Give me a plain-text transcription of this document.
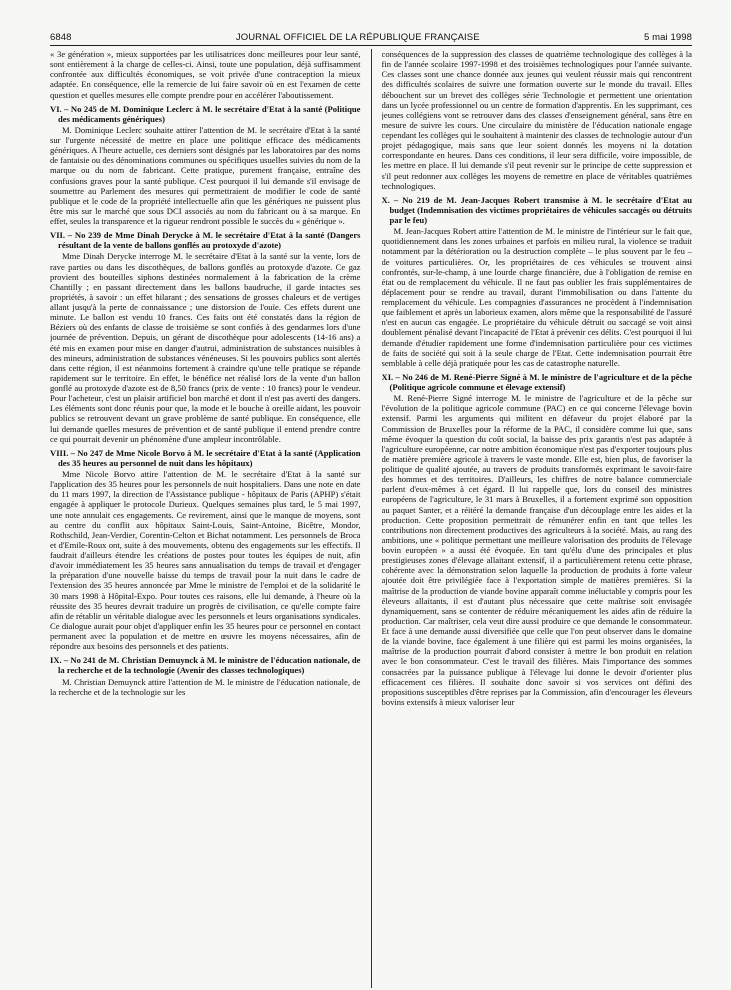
6848	JOURNAL OFFICIEL DE LA RÉPUBLIQUE FRANÇAISE	5 mai 1998

« 3e génération », mieux supportées par les utilisatrices donc meilleures pour leur santé, sont entièrement à la charge de celles-ci. Ainsi, toute une population, déjà suffisamment confrontée aux difficultés économiques, se voit privée d'une contraception la mieux adaptée. En conséquence, elle la remercie de lui faire savoir où en est l'examen de cette question et quelles mesures elle compte prendre pour en accélérer l'aboutissement.

VI. – No 245 de M. Dominique Leclerc à M. le secrétaire d'Etat à la santé (Politique des médicaments génériques)

M. Dominique Leclerc souhaite attirer l'attention de M. le secrétaire d'Etat à la santé sur l'urgente nécessité de mettre en place une politique efficace des médicaments génériques. A l'heure actuelle, ces derniers sont désignés par les laboratoires par des noms de fantaisie ou des dénominations communes ou spécifiques usuelles suivies du nom de la marque ou du nom de fabricant. Cette pratique, purement française, entraîne des confusions graves pour la santé publique. C'est pourquoi il lui demande s'il envisage de soumettre au Parlement des mesures qui permettraient de modifier le code de santé publique et le code de la propriété intellectuelle afin que les génériques ne puissent plus être mis sur le marché que sous DCI associés au nom du fabricant ou à sa marque. En effet, seules la transparence et la rigueur rendront possible le succès du « générique ».

VII. – No 239 de Mme Dinah Derycke à M. le secrétaire d'Etat à la santé (Dangers résultant de la vente de ballons gonflés au protoxyde d'azote)

Mme Dinah Derycke interroge M. le secrétaire d'Etat à la santé sur la vente, lors de rave parties ou dans les discothèques, de ballons gonflés au protoxyde d'azote. Ce gaz provient des bouteilles siphons destinées normalement à la fabrication de la crème Chantilly ; en passant directement dans les ballons baudruche, il garde intactes ses propriétés, à savoir : un effet hilarant ; des sensations de grosses chaleurs et de vertiges allant jusqu'à la perte de connaissance ; une distorsion de l'ouïe. Ces effets durent une minute. Le ballon est vendu 10 francs. Ces faits ont été constatés dans la région de Béziers où des enfants de classe de troisième se sont confiés à des gendarmes lors d'une journée de prévention. Depuis, un gérant de discothèque pour adolescents (14-16 ans) a été mis en examen pour mise en danger d'autrui, administration de substances nuisibles à des mineurs, administration de substances vénéneuses. Si les pouvoirs publics sont alertés dans cette région, il est néanmoins fortement à craindre qu'une telle pratique se répande rapidement sur le territoire. En effet, le bénéfice net réalisé lors de la vente d'un ballon gonflé au protoxyde d'azote est de 8,50 francs (prix de vente : 10 francs) pour le vendeur. Pour l'acheteur, c'est un plaisir artificiel bon marché et dont il n'est pas averti des dangers. Les éléments sont donc réunis pour que, la mode et le bouche à oreille aidant, les pouvoir publics se retrouvent devant un grave problème de santé publique. En conséquence, elle lui demande quelles mesures de prévention et de santé publique il entend prendre contre ce qui pourrait devenir un phénomène d'une ampleur incontrôlable.

VIII. – No 247 de Mme Nicole Borvo à M. le secrétaire d'Etat à la santé (Application des 35 heures au personnel de nuit dans les hôpitaux)

Mme Nicole Borvo attire l'attention de M. le secrétaire d'Etat à la santé sur l'application des 35 heures pour les personnels de nuit hospitaliers. Dans une note en date du 11 mars 1997, la direction de l'Assistance publique - hôpitaux de Paris (APHP) s'était engagée à appliquer le protocole Durieux. Quelques semaines plus tard, le 5 mai 1997, une note annulait ces engagements. Ce revirement, ainsi que le manque de moyens, sont au centre du conflit aux hôpitaux Saint-Louis, Saint-Antoine, Bicêtre, Mondor, Rothschild, Jean-Verdier, Corentin-Celton et Bichat notamment. Les personnels de Broca et d'Emile-Roux ont, suite à des mouvements, obtenu des engagements sur les effectifs. Il faudrait d'ailleurs étendre les créations de postes pour toutes les équipes de nuit, afin d'avoir immédiatement les 35 heures sans annualisation du temps de travail et d'engager la préparation d'une nouvelle baisse du temps de travail pour la nuit dans le cadre de l'extension des 35 heures annoncée par Mme le ministre de l'emploi et de la solidarité le 30 mars 1998 à Hôpital-Expo. Pour toutes ces raisons, elle lui demande, à l'heure où la réussite des 35 heures devrait traduire un progrès de civilisation, ce qu'elle compte faire afin de rétablir un véritable dialogue avec les personnels et leurs organisations syndicales. Ce dialogue aurait pour objet d'appliquer enfin les 35 heures pour ce personnel en contact permanent avec la population et de mettre en œuvre les moyens nécessaires, afin de répondre aux besoins des personnels et des patients.

IX. – No 241 de M. Christian Demuynck à M. le ministre de l'éducation nationale, de la recherche et de la technologie (Avenir des classes technologiques)

M. Christian Demuynck attire l'attention de M. le ministre de l'éducation nationale, de la recherche et de la technologie sur les

conséquences de la suppression des classes de quatrième technologique des collèges à la fin de l'année scolaire 1997-1998 et des troisièmes technologiques pour l'année suivante. Ces classes sont une chance donnée aux jeunes qui veulent réussir mais qui rencontrent des difficultés scolaires de suivre une formation ouverte sur le monde du travail. Elles débouchent sur un brevet des collèges série Technologie et permettent une orientation dans un lycée professionnel ou un centre de formation d'apprentis. En les supprimant, ces jeunes collégiens vont se retrouver dans des classes d'enseignement général, sans être en mesure de suivre les cours. Une circulaire du ministère de l'éducation nationale engage cependant les collèges qui le souhaitent à maintenir des classes de technologie autour d'un projet pédagogique, mais sans que leur soient donnés les moyens ni la dotation correspondante en heures. Dans ces conditions, il leur sera difficile, voire impossible, de les mettre en place. Il lui demande s'il peut revenir sur le principe de cette suppression et s'il peut redonner aux collèges les moyens de remettre en place de véritables quatrièmes technologiques.

X. – No 219 de M. Jean-Jacques Robert transmise à M. le secrétaire d'Etat au budget (Indemnisation des victimes propriétaires de véhicules saccagés ou détruits par le feu)

M. Jean-Jacques Robert attire l'attention de M. le ministre de l'intérieur sur le fait que, quotidiennement dans les zones urbaines et parfois en milieu rural, la violence se traduit notamment par la détérioration ou la destruction complète – le plus souvent par le feu – de voitures particulières. Or, les propriétaires de ces véhicules se trouvent ainsi confrontés, sur-le-champ, à une lourde charge financière, due à l'obligation de remise en état ou de remplacement du véhicule. Il ne faut pas oublier les frais supplémentaires de déplacement pour se rendre au travail, durant l'immobilisation ou dans l'attente du remplacement du véhicule. Les compagnies d'assurances ne procèdent à l'indemnisation que faiblement et après un laborieux examen, alors même que la responsabilité de l'assuré n'est en aucun cas engagée. Le propriétaire du véhicule détruit ou saccagé se voit ainsi doublement pénalisé devant l'incapacité de l'Etat à prévenir ces délits. C'est pourquoi il lui demande d'étudier rapidement une forme d'indemnisation particulière pour ces victimes de faits de société qui soit à la seule charge de l'Etat. Cette indemnisation pourrait être semblable à celle déjà pratiquée pour les cas de catastrophe naturelle.

XI. – No 246 de M. René-Pierre Signé à M. le ministre de l'agriculture et de la pêche (Politique agricole commune et élevage extensif)

M. René-Pierre Signé interroge M. le ministre de l'agriculture et de la pêche sur l'évolution de la politique agricole commune (PAC) en ce qui concerne l'élevage bovin extensif. Parmi les arguments qui militent en défaveur du projet élaboré par la Commission de Bruxelles pour la réforme de la PAC, il considère comme lui que, sans même évoquer la question du coût social, la baisse des prix garantis n'est pas adaptée à l'agriculture européenne, car notre ambition économique n'est pas d'exporter toujours plus de matière première agricole à travers le vaste monde. Elle est, bien plus, de favoriser la politique de qualité ajoutée, au travers de produits transformés exprimant le savoir-faire des hommes et des territoires. D'ailleurs, les chiffres de notre balance commerciale parlent d'eux-mêmes à cet égard. Il lui rappelle que, lors du conseil des ministres européens de l'agriculture, le 31 mars à Bruxelles, il a fortement exprimé son opposition au paquet Santer, et a réitéré la demande française d'un découplage entre les aides et la production. Cette proposition permettrait de rémunérer enfin en tant que telles les contributions non directement productives des agriculteurs à la société. Mais, au rang des ambitions, une « politique permettant une meilleure valorisation des produits de l'élevage bovin européen » a aussi été évoquée. En tant qu'élu d'une des principales et plus prestigieuses zones d'élevage allaitant extensif, il a particulièrement retenu cette phrase, cohérente avec la démonstration selon laquelle la production de produits à forte valeur ajoutée doit être privilégiée face à l'exportation simple de matières premières. Si la maîtrise de la production de viande bovine apparaît comme inéluctable y compris pour les éleveurs allaitants, il est d'autant plus nécessaire que cette maîtrise soit envisagée dynamiquement, sans se contenter de réduire mécaniquement les aides afin de réduire la production. Car maîtriser, cela veut dire aussi produire ce que demande le consommateur. Et face à une demande aussi diversifiée que celle que l'on peut observer dans le domaine de la viande bovine, face également à une filière qui est parmi les moins organisées, la maîtrise de la production pourrait d'abord consister à mettre le bon produit en relation avec le bon consommateur. C'est le travail des filières. Mais l'importance des sommes consacrées par la puissance publique à l'élevage lui donne le devoir d'orienter plus efficacement ces filières. Il souhaite donc savoir si vos services ont défini des propositions susceptibles d'être reprises par la Commission, afin d'encourager les éleveurs bovins extensifs à mieux valoriser leur
